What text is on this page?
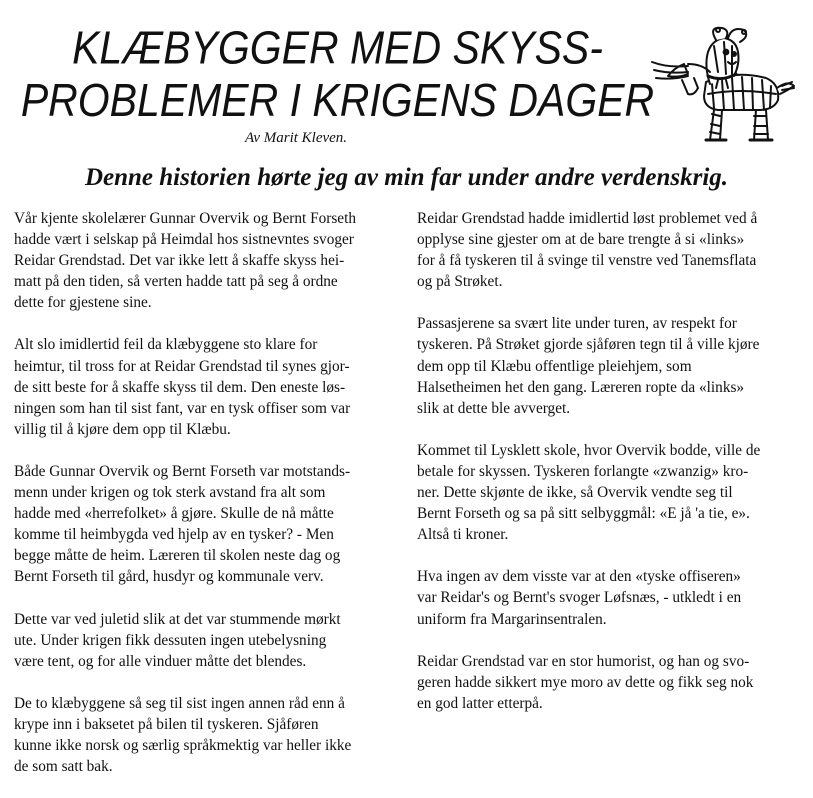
KLÆBYGGER MED SKYSS-
PROBLEMER I KRIGENS DAGER
Av Marit Kleven.
Denne historien hørte jeg av min far under andre verdenskrig.

Vår kjente skolelærer Gunnar Overvik og Bernt Forseth
hadde vært i selskap på Heimdal hos sistnevntes svoger
Reidar Grendstad. Det var ikke lett å skaffe skyss hei-
matt på den tiden, så verten hadde tatt på seg å ordne
dette for gjestene sine.

Alt slo imidlertid feil da klæbyggene sto klare for
heimtur, til tross for at Reidar Grendstad til synes gjor-
de sitt beste for å skaffe skyss til dem. Den eneste løs-
ningen som han til sist fant, var en tysk offiser som var
villig til å kjøre dem opp til Klæbu.

Både Gunnar Overvik og Bernt Forseth var motstands-
menn under krigen og tok sterk avstand fra alt som
hadde med «herrefolket» å gjøre. Skulle de nå måtte
komme til heimbygda ved hjelp av en tysker? - Men
begge måtte de heim. Læreren til skolen neste dag og
Bernt Forseth til gård, husdyr og kommunale verv.

Dette var ved juletid slik at det var stummende mørkt
ute. Under krigen fikk dessuten ingen utebelysning
være tent, og for alle vinduer måtte det blendes.

De to klæbyggene så seg til sist ingen annen råd enn å
krype inn i baksetet på bilen til tyskeren. Sjåføren
kunne ikke norsk og særlig språkmektig var heller ikke
de som satt bak.

Reidar Grendstad hadde imidlertid løst problemet ved å
opplyse sine gjester om at de bare trengte å si «links»
for å få tyskeren til å svinge til venstre ved Tanemsflata
og på Strøket.

Passasjerene sa svært lite under turen, av respekt for
tyskeren. På Strøket gjorde sjåføren tegn til å ville kjøre
dem opp til Klæbu offentlige pleiehjem, som
Halsetheimen het den gang. Læreren ropte da «links»
slik at dette ble avverget.

Kommet til Lysklett skole, hvor Overvik bodde, ville de
betale for skyssen. Tyskeren forlangte «zwanzig» kro-
ner. Dette skjønte de ikke, så Overvik vendte seg til
Bernt Forseth og sa på sitt selbyggmål: «E jå 'a tie, e».
Altså ti kroner.

Hva ingen av dem visste var at den «tyske offiseren»
var Reidar's og Bernt's svoger Løfsnæs, - utkledt i en
uniform fra Margarinsentralen.

Reidar Grendstad var en stor humorist, og han og svo-
geren hadde sikkert mye moro av dette og fikk seg nok
en god latter etterpå.
